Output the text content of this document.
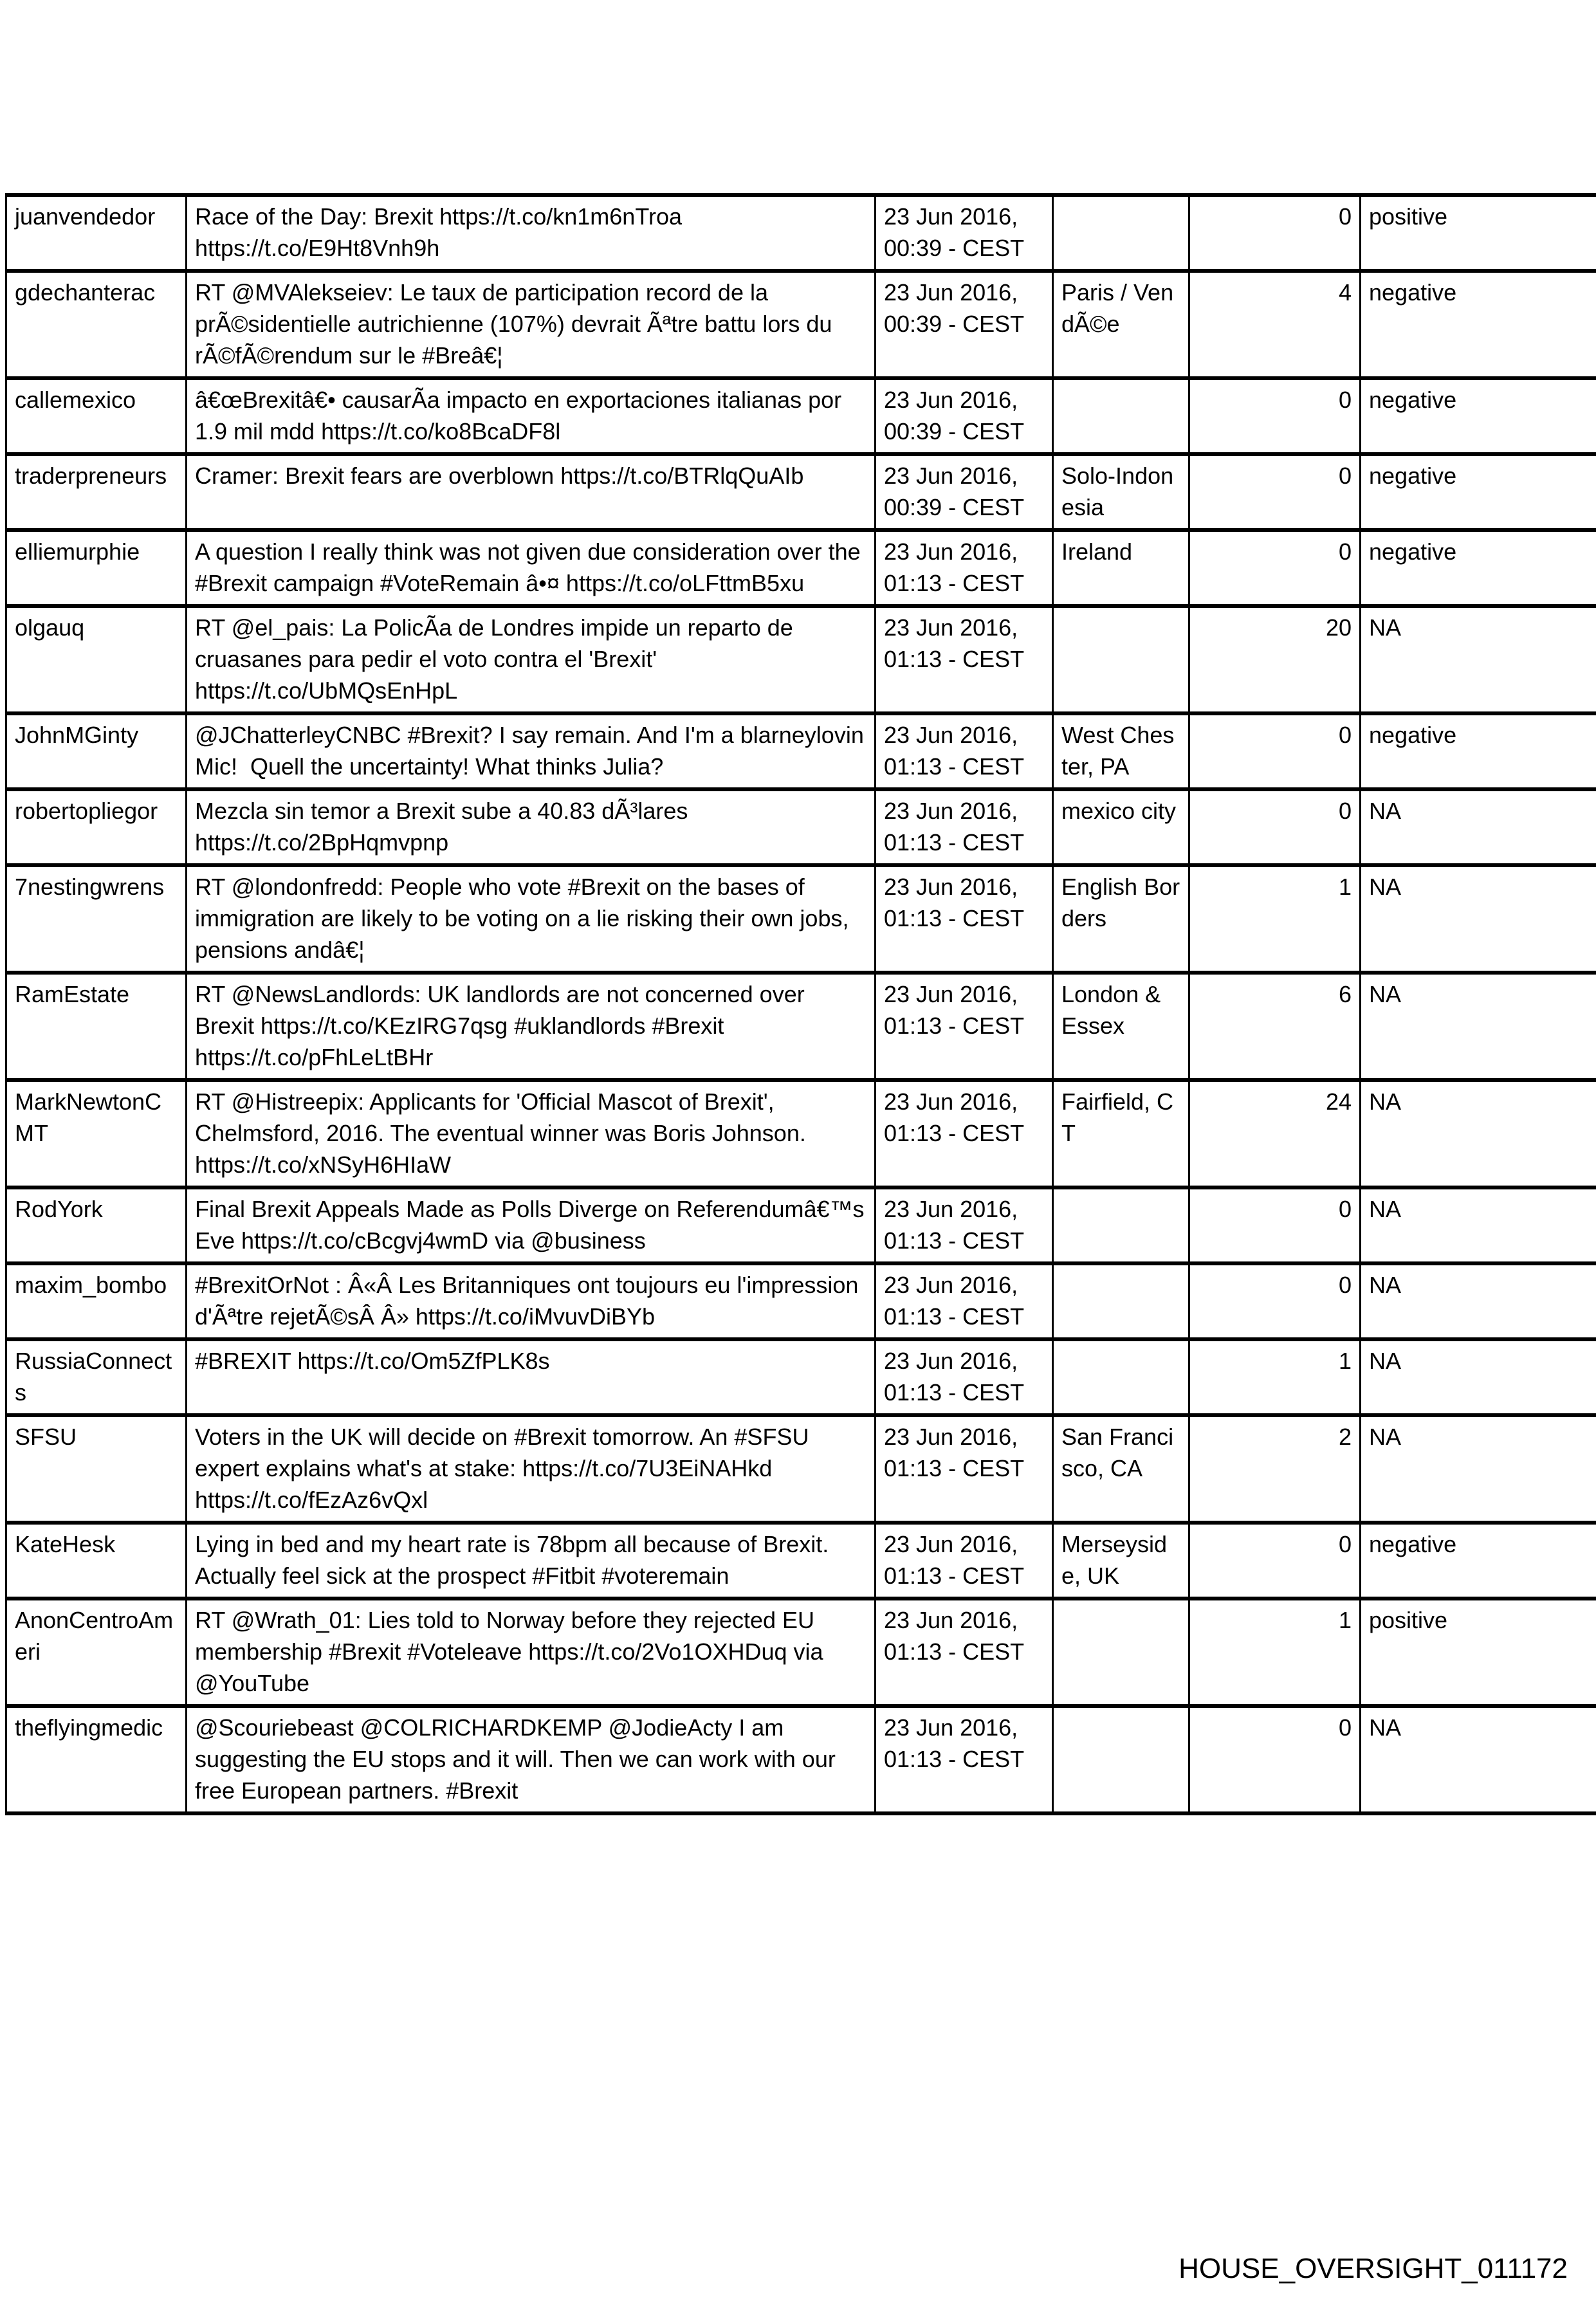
juanvendedor	Race of the Day: Brexit https://t.co/kn1m6nTroa https://t.co/E9Ht8Vnh9h	23 Jun 2016, 00:39 - CEST		0	positive
gdechanterac	RT @MVAlekseiev: Le taux de participation record de la prÃ©sidentielle autrichienne (107%) devrait Ãªtre battu lors du rÃ©fÃ©rendum sur le #Breâ€¦	23 Jun 2016, 00:39 - CEST	Paris / VendÃ©e	4	negative
callemexico	â€œBrexitâ€• causarÃa impacto en exportaciones italianas por 1.9 mil mdd https://t.co/ko8BcaDF8l	23 Jun 2016, 00:39 - CEST		0	negative
traderpreneurs	Cramer: Brexit fears are overblown https://t.co/BTRlqQuAIb	23 Jun 2016, 00:39 - CEST	Solo-Indonesia	0	negative
elliemurphie	A question I really think was not given due consideration over the #Brexit campaign #VoteRemain â•¤ https://t.co/oLFttmB5xu	23 Jun 2016, 01:13 - CEST	Ireland	0	negative
olgauq	RT @el_pais: La PolicÃa de Londres impide un reparto de cruasanes para pedir el voto contra el 'Brexit' https://t.co/UbMQsEnHpL	23 Jun 2016, 01:13 - CEST		20	NA
JohnMGinty	@JChatterleyCNBC #Brexit? I say remain. And I'm a blarneylovin Mic!  Quell the uncertainty! What thinks Julia?	23 Jun 2016, 01:13 - CEST	West Chester, PA	0	negative
robertopliegor	Mezcla sin temor a Brexit sube a 40.83 dÃ³lares https://t.co/2BpHqmvpnp	23 Jun 2016, 01:13 - CEST	mexico city	0	NA
7nestingwrens	RT @londonfredd: People who vote #Brexit on the bases of immigration are likely to be voting on a lie risking their own jobs, pensions andâ€¦	23 Jun 2016, 01:13 - CEST	English Borders	1	NA
RamEstate	RT @NewsLandlords: UK landlords are not concerned over Brexit https://t.co/KEzIRG7qsg #uklandlords #Brexit https://t.co/pFhLeLtBHr	23 Jun 2016, 01:13 - CEST	London & Essex	6	NA
MarkNewtonCMT	RT @Histreepix: Applicants for 'Official Mascot of Brexit', Chelmsford, 2016. The eventual winner was Boris Johnson. https://t.co/xNSyH6HIaW	23 Jun 2016, 01:13 - CEST	Fairfield, CT	24	NA
RodYork	Final Brexit Appeals Made as Polls Diverge on Referendumâ€™s Eve https://t.co/cBcgvj4wmD via @business	23 Jun 2016, 01:13 - CEST		0	NA
maxim_bombo	#BrexitOrNot : Â«Â Les Britanniques ont toujours eu l'impression d'Ãªtre rejetÃ©sÂ Â» https://t.co/iMvuvDiBYb	23 Jun 2016, 01:13 - CEST		0	NA
RussiaConnects	#BREXIT https://t.co/Om5ZfPLK8s	23 Jun 2016, 01:13 - CEST		1	NA
SFSU	Voters in the UK will decide on #Brexit tomorrow. An #SFSU expert explains what's at stake: https://t.co/7U3EiNAHkd https://t.co/fEzAz6vQxl	23 Jun 2016, 01:13 - CEST	San Francisco, CA	2	NA
KateHesk	Lying in bed and my heart rate is 78bpm all because of Brexit. Actually feel sick at the prospect #Fitbit #voteremain	23 Jun 2016, 01:13 - CEST	Merseyside, UK	0	negative
AnonCentroAmeri	RT @Wrath_01: Lies told to Norway before they rejected EU membership #Brexit #Voteleave https://t.co/2Vo1OXHDuq via @YouTube	23 Jun 2016, 01:13 - CEST		1	positive
theflyingmedic	@Scouriebeast @COLRICHARDKEMP @JodieActy I am suggesting the EU stops and it will. Then we can work with our free European partners. #Brexit	23 Jun 2016, 01:13 - CEST		0	NA
HOUSE_OVERSIGHT_011172
